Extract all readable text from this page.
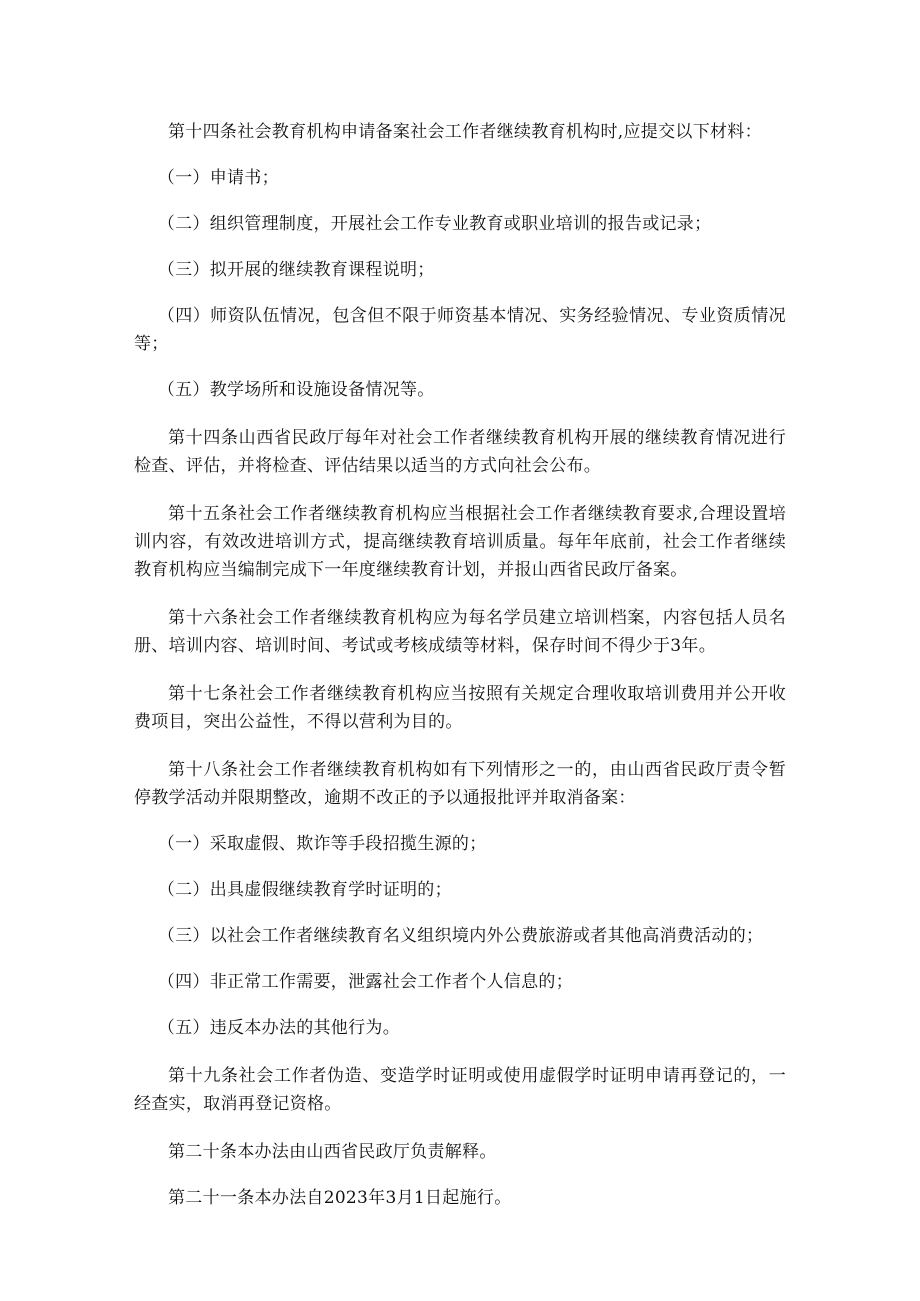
第十四条社会教育机构申请备案社会工作者继续教育机构时,应提交以下材料：

（一）申请书；

（二）组织管理制度，开展社会工作专业教育或职业培训的报告或记录；

（三）拟开展的继续教育课程说明；

（四）师资队伍情况，包含但不限于师资基本情况、实务经验情况、专业资质情况等；

（五）教学场所和设施设备情况等。

第十四条山西省民政厅每年对社会工作者继续教育机构开展的继续教育情况进行检查、评估，并将检查、评估结果以适当的方式向社会公布。

第十五条社会工作者继续教育机构应当根据社会工作者继续教育要求,合理设置培训内容，有效改进培训方式，提高继续教育培训质量。每年年底前，社会工作者继续教育机构应当编制完成下一年度继续教育计划，并报山西省民政厅备案。

第十六条社会工作者继续教育机构应为每名学员建立培训档案，内容包括人员名册、培训内容、培训时间、考试或考核成绩等材料，保存时间不得少于3年。

第十七条社会工作者继续教育机构应当按照有关规定合理收取培训费用并公开收费项目，突出公益性，不得以营利为目的。

第十八条社会工作者继续教育机构如有下列情形之一的，由山西省民政厅责令暂停教学活动并限期整改，逾期不改正的予以通报批评并取消备案：

（一）采取虚假、欺诈等手段招揽生源的；

（二）出具虚假继续教育学时证明的；

（三）以社会工作者继续教育名义组织境内外公费旅游或者其他高消费活动的；

（四）非正常工作需要，泄露社会工作者个人信息的；

（五）违反本办法的其他行为。

第十九条社会工作者伪造、变造学时证明或使用虚假学时证明申请再登记的，一经查实，取消再登记资格。

第二十条本办法由山西省民政厅负责解释。

第二十一条本办法自2023年3月1日起施行。
